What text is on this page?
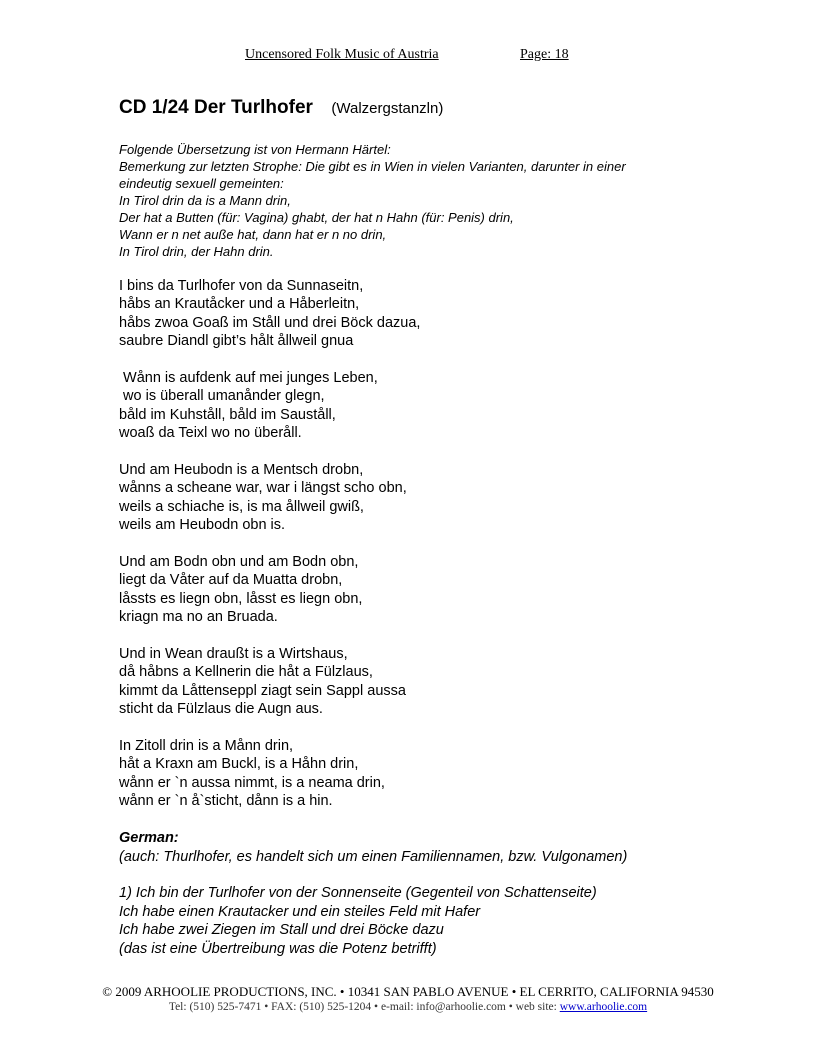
Uncensored Folk Music of Austria	Page: 18
CD 1/24 Der Turlhofer (Walzergstanzln)
Folgende Übersetzung ist von Hermann Härtel:
Bemerkung zur letzten Strophe: Die gibt es in Wien in vielen Varianten, darunter in einer
eindeutig sexuell gemeinten:
In Tirol drin da is a Mann drin,
Der hat a Butten (für: Vagina) ghabt, der hat n Hahn (für: Penis) drin,
Wann er n net auße hat, dann hat er n no drin,
In Tirol drin, der Hahn drin.
I bins da Turlhofer von da Sunnaseitn,
håbs an Krautåcker und a Håberleitn,
håbs zwoa Goaß im Ståll und drei Böck dazua,
saubre Diandl gibt’s hålt ållweil gnua
Wånn is aufdenk auf mei junges Leben,
wo is überall umanånder glegn,
båld im Kuhståll, båld im Sauståll,
woaß da Teixl wo no überåll.
Und am Heubodn is a Mentsch drobn,
wånns a scheane war, war i längst scho obn,
weils a schiache is, is ma ållweil gwiß,
weils am Heubodn obn is.
Und am Bodn obn und am Bodn obn,
liegt da Våter auf da Muatta drobn,
låssts es liegn obn, låsst es liegn obn,
kriagn ma no an Bruada.
Und in Wean draußt is a Wirtshaus,
då håbns a Kellnerin die håt a Fülzlaus,
kimmt da Låttenseppl ziagt sein Sappl aussa
sticht da Fülzlaus die Augn aus.
In Zitoll drin is a Månn drin,
håt a Kraxn am Buckl, is a Håhn drin,
wånn er `n aussa nimmt, is a neama drin,
wånn er `n å`sticht, dånn is a hin.
German:
(auch: Thurlhofer, es handelt sich um einen Familiennamen, bzw. Vulgonamen)
1) Ich bin der Turlhofer von der Sonnenseite (Gegenteil von Schattenseite)
Ich habe einen Krautacker und ein steiles Feld mit Hafer
Ich habe zwei Ziegen im Stall und drei Böcke dazu
(das ist eine Übertreibung was die Potenz betrifft)
© 2009 ARHOOLIE PRODUCTIONS, INC. • 10341 SAN PABLO AVENUE • EL CERRITO, CALIFORNIA 94530
Tel: (510) 525-7471 • FAX: (510) 525-1204 • e-mail: info@arhoolie.com • web site: www.arhoolie.com
